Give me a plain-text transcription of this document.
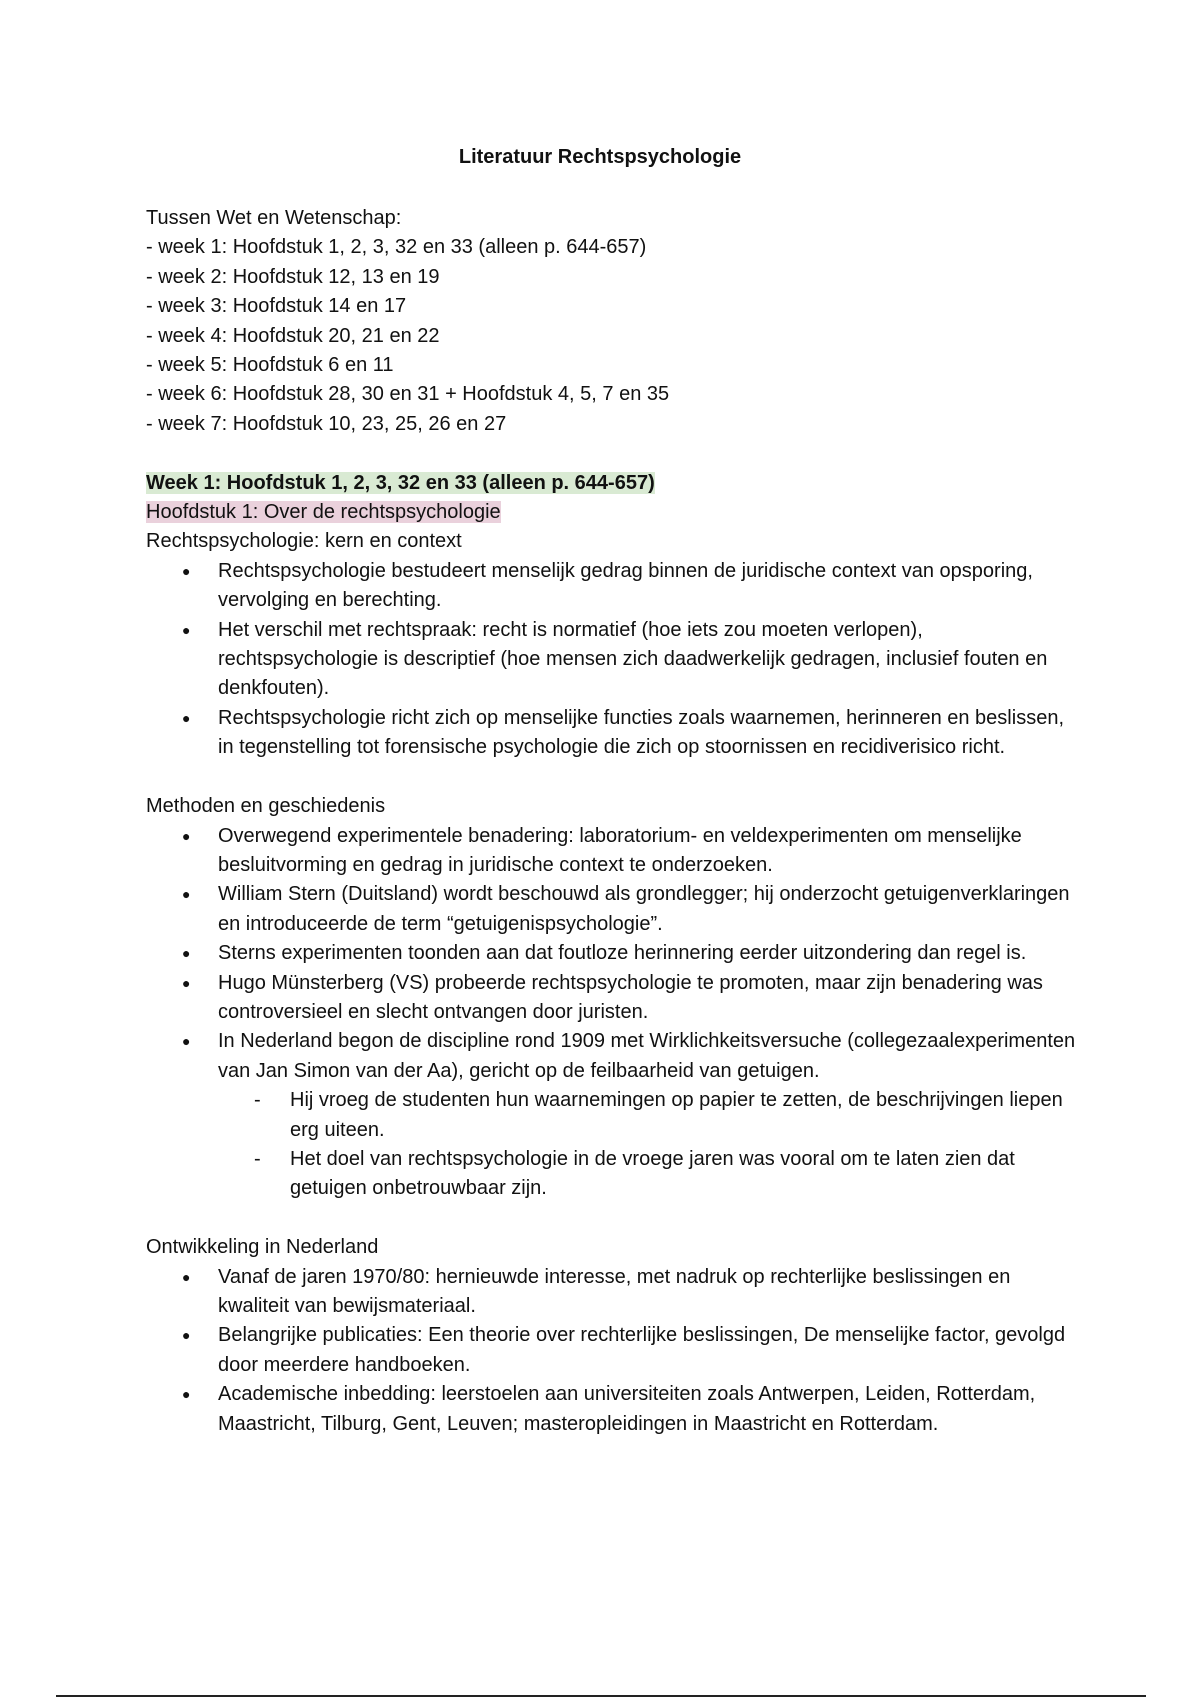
Literatuur Rechtspsychologie

Tussen Wet en Wetenschap:

- week 1: Hoofdstuk 1, 2, 3, 32 en 33 (alleen p. 644-657)

- week 2: Hoofdstuk 12, 13 en 19

- week 3: Hoofdstuk 14 en 17

- week 4: Hoofdstuk 20, 21 en 22

- week 5: Hoofdstuk 6 en 11

- week 6: Hoofdstuk 28, 30 en 31 + Hoofdstuk 4, 5, 7 en 35

- week 7: Hoofdstuk 10, 23, 25, 26 en 27

Week 1: Hoofdstuk 1, 2, 3, 32 en 33 (alleen p. 644-657)

Hoofdstuk 1: Over de rechtspsychologie

Rechtspsychologie: kern en context

● Rechtspsychologie bestudeert menselijk gedrag binnen de juridische context van opsporing, vervolging en berechting.
● Het verschil met rechtspraak: recht is normatief (hoe iets zou moeten verlopen), rechtspsychologie is descriptief (hoe mensen zich daadwerkelijk gedragen, inclusief fouten en denkfouten).
● Rechtspsychologie richt zich op menselijke functies zoals waarnemen, herinneren en beslissen, in tegenstelling tot forensische psychologie die zich op stoornissen en recidiverisico richt.

Methoden en geschiedenis

● Overwegend experimentele benadering: laboratorium- en veldexperimenten om menselijke besluitvorming en gedrag in juridische context te onderzoeken.
● William Stern (Duitsland) wordt beschouwd als grondlegger; hij onderzocht getuigenverklaringen en introduceerde de term “getuigenispsychologie”.
● Sterns experimenten toonden aan dat foutloze herinnering eerder uitzondering dan regel is.
● Hugo Münsterberg (VS) probeerde rechtspsychologie te promoten, maar zijn benadering was controversieel en slecht ontvangen door juristen.
● In Nederland begon de discipline rond 1909 met Wirklichkeitsversuche (collegezaalexperimenten van Jan Simon van der Aa), gericht op de feilbaarheid van getuigen.
- Hij vroeg de studenten hun waarnemingen op papier te zetten, de beschrijvingen liepen erg uiteen.
- Het doel van rechtspsychologie in de vroege jaren was vooral om te laten zien dat getuigen onbetrouwbaar zijn.

Ontwikkeling in Nederland

● Vanaf de jaren 1970/80: hernieuwde interesse, met nadruk op rechterlijke beslissingen en kwaliteit van bewijsmateriaal.
● Belangrijke publicaties: Een theorie over rechterlijke beslissingen, De menselijke factor, gevolgd door meerdere handboeken.
● Academische inbedding: leerstoelen aan universiteiten zoals Antwerpen, Leiden, Rotterdam, Maastricht, Tilburg, Gent, Leuven; masteropleidingen in Maastricht en Rotterdam.
